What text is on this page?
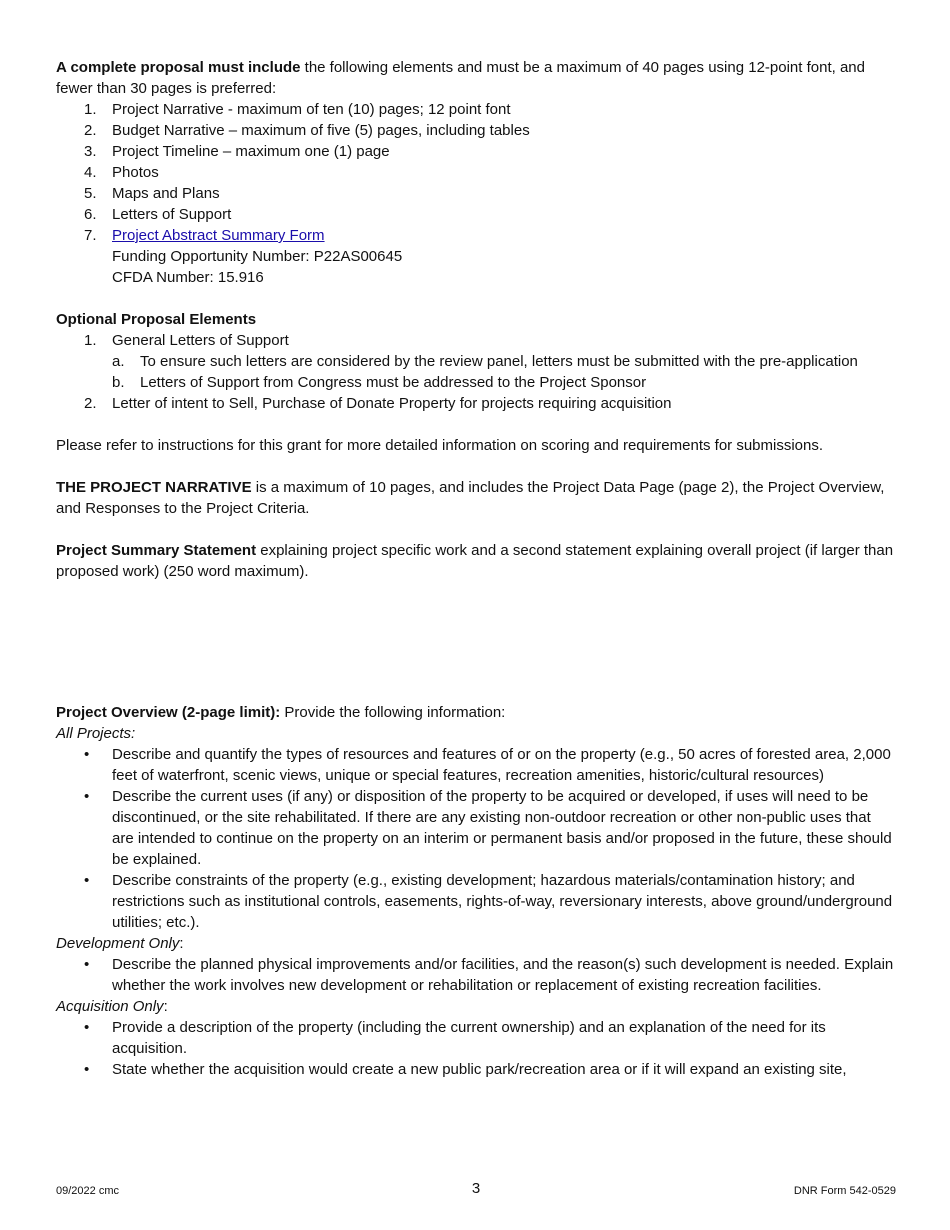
A complete proposal must include the following elements and must be a maximum of 40 pages using 12-point font, and fewer than 30 pages is preferred:

1.	Project Narrative - maximum of ten (10) pages; 12 point font
2.	Budget Narrative – maximum of five (5) pages, including tables
3.	Project Timeline – maximum one (1) page
4.	Photos
5.	Maps and Plans
6.	Letters of Support
7.	Project Abstract Summary Form
Funding Opportunity Number: P22AS00645
CFDA Number: 15.916

Optional Proposal Elements

1.	General Letters of Support
a.	To ensure such letters are considered by the review panel, letters must be submitted with the pre-application
b.	Letters of Support from Congress must be addressed to the Project Sponsor
2.	Letter of intent to Sell, Purchase of Donate Property for projects requiring acquisition

Please refer to instructions for this grant for more detailed information on scoring and requirements for submissions.

THE PROJECT NARRATIVE is a maximum of 10 pages, and includes the Project Data Page (page 2), the Project Overview, and Responses to the Project Criteria.

Project Summary Statement explaining project specific work and a second statement explaining overall project (if larger than proposed work) (250 word maximum).

Project Overview (2-page limit): Provide the following information:

All Projects:

•	Describe and quantify the types of resources and features of or on the property (e.g., 50 acres of forested area, 2,000 feet of waterfront, scenic views, unique or special features, recreation amenities, historic/cultural resources)
•	Describe the current uses (if any) or disposition of the property to be acquired or developed, if uses will need to be discontinued, or the site rehabilitated. If there are any existing non-outdoor recreation or other non-public uses that are intended to continue on the property on an interim or permanent basis and/or proposed in the future, these should be explained.
•	Describe constraints of the property (e.g., existing development; hazardous materials/contamination history; and restrictions such as institutional controls, easements, rights-of-way, reversionary interests, above ground/underground utilities; etc.).

Development Only:

•	Describe the planned physical improvements and/or facilities, and the reason(s) such development is needed. Explain whether the work involves new development or rehabilitation or replacement of existing recreation facilities.

Acquisition Only:

•	Provide a description of the property (including the current ownership) and an explanation of the need for its acquisition.
•	State whether the acquisition would create a new public park/recreation area or if it will expand an existing site,
09/2022 cmc	3	DNR Form 542-0529
